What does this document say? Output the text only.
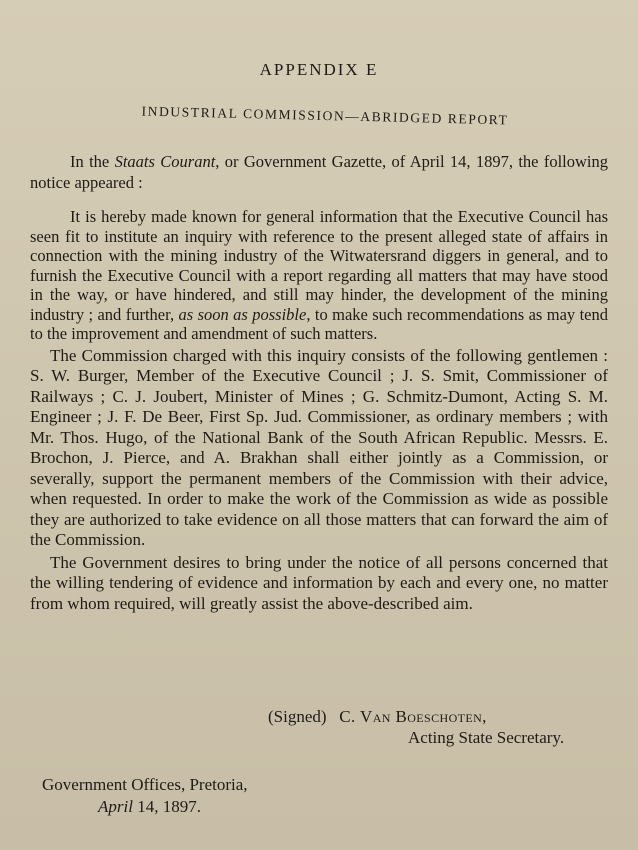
APPENDIX E
INDUSTRIAL COMMISSION—ABRIDGED REPORT

In the Staats Courant, or Government Gazette, of April 14, 1897, the following notice appeared :

It is hereby made known for general information that the Executive Council has seen fit to institute an inquiry with reference to the present alleged state of affairs in connection with the mining industry of the Witwatersrand diggers in general, and to furnish the Executive Council with a report regarding all matters that may have stood in the way, or have hindered, and still may hinder, the development of the mining industry ; and further, as soon as possible, to make such recommendations as may tend to the improvement and amendment of such matters.

The Commission charged with this inquiry consists of the following gentlemen : S. W. Burger, Member of the Executive Council ; J. S. Smit, Commissioner of Railways ; C. J. Joubert, Minister of Mines ; G. Schmitz-Dumont, Acting S. M. Engineer ; J. F. De Beer, First Sp. Jud. Commissioner, as ordinary members ; with Mr. Thos. Hugo, of the National Bank of the South African Republic. Messrs. E. Brochon, J. Pierce, and A. Brakhan shall either jointly as a Commission, or severally, support the permanent members of the Commission with their advice, when requested. In order to make the work of the Commission as wide as possible they are authorized to take evidence on all those matters that can forward the aim of the Commission.

The Government desires to bring under the notice of all persons concerned that the willing tendering of evidence and information by each and every one, no matter from whom required, will greatly assist the above-described aim.

(Signed) C. Van Boeschoten,
Acting State Secretary.
Government Offices, Pretoria,
April 14, 1897.
